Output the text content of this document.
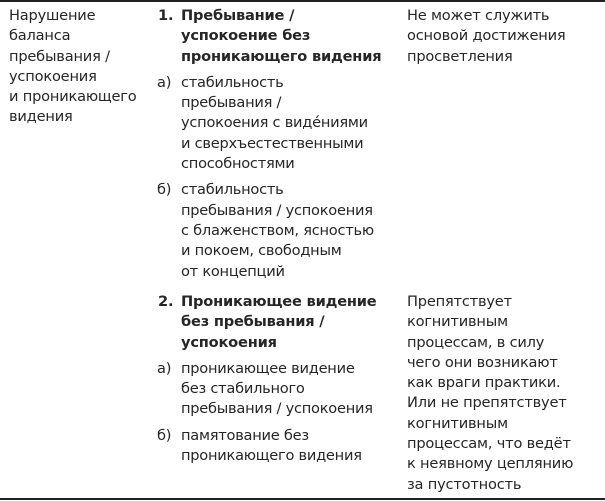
Нарушение
баланса
пребывания /
успокоения
и проникающего
видения
1. Пребывание /
успокоение без
проникающего видения
а) стабильность
пребывания /
успокоения с видéниями
и сверхъестественными
способностями
б) стабильность
пребывания / успокоения
с блаженством, ясностью
и покоем, свободным
от концепций
Не может служить
основой достижения
просветления
2. Проникающее видение
без пребывания /
успокоения
а) проникающее видение
без стабильного
пребывания / успокоения
б) памятование без
проникающего видения
Препятствует
когнитивным
процессам, в силу
чего они возникают
как враги практики.
Или не препятствует
когнитивным
процессам, что ведёт
к неявному цеплянию
за пустотность
